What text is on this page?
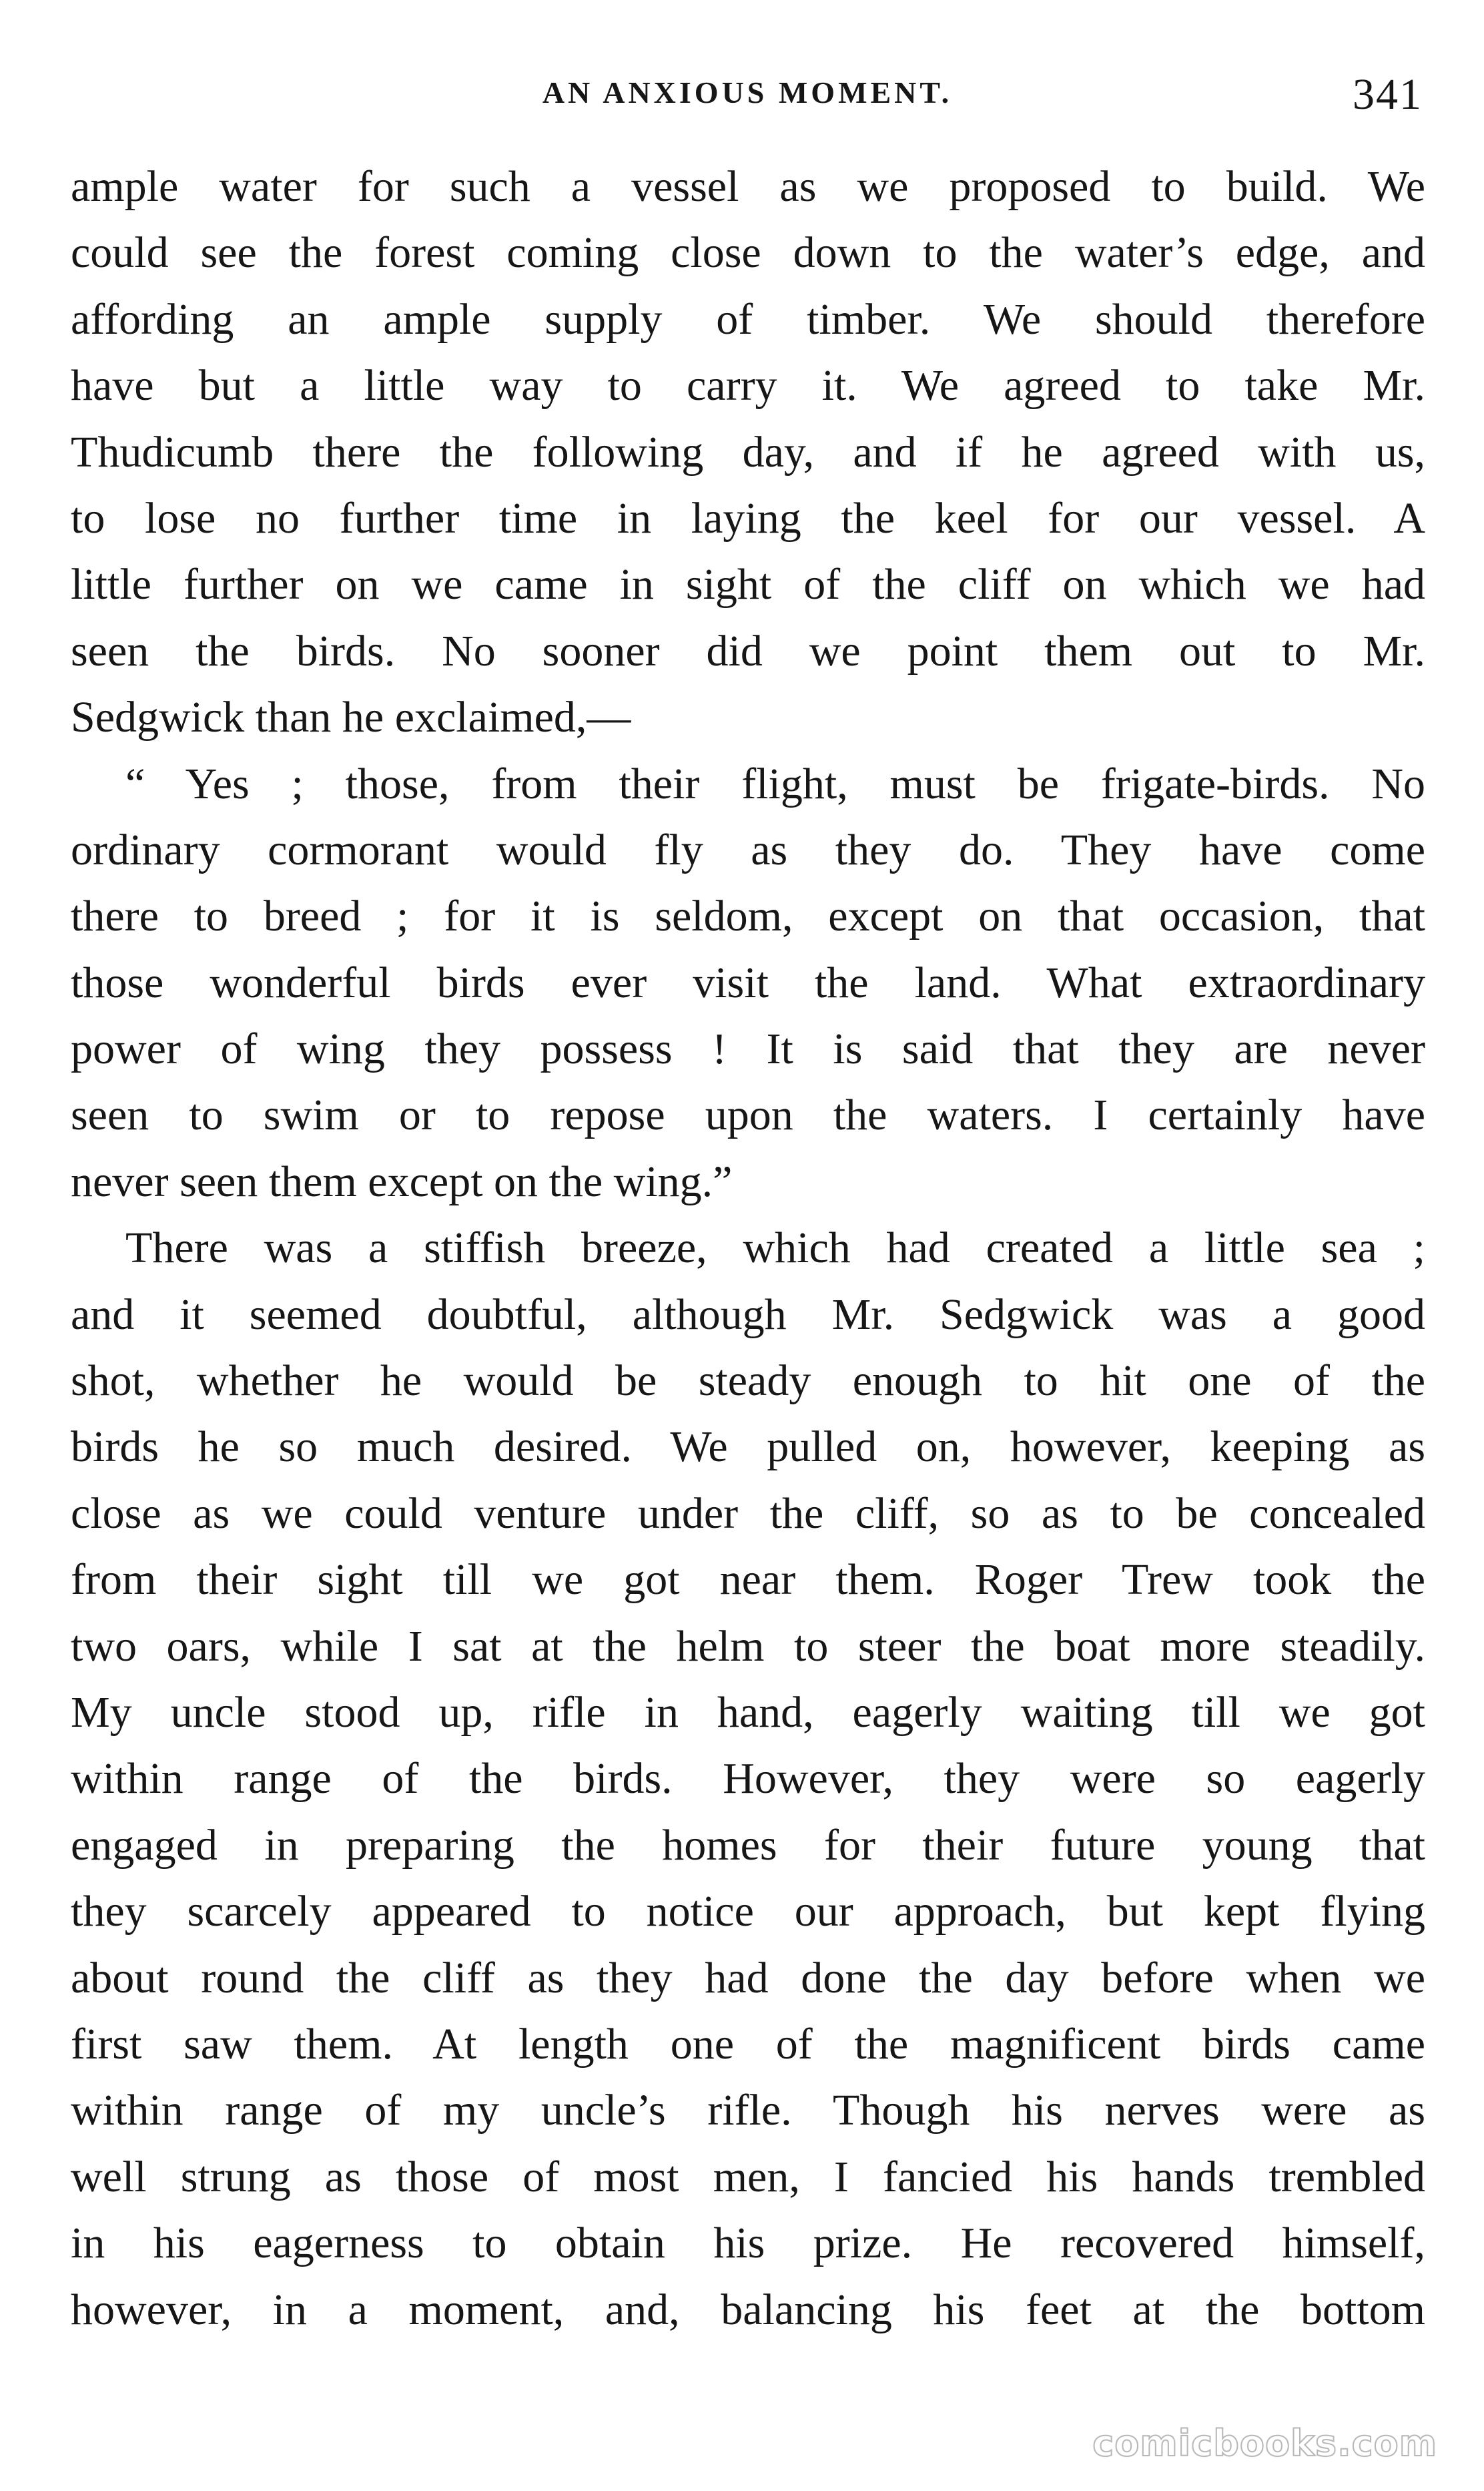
AN ANXIOUS MOMENT.	341
ample water for such a vessel as we proposed to build. We
could see the forest coming close down to the water’s edge, and
affording an ample supply of timber. We should therefore
have but a little way to carry it. We agreed to take Mr.
Thudicumb there the following day, and if he agreed with us,
to lose no further time in laying the keel for our vessel. A
little further on we came in sight of the cliff on which we had
seen the birds. No sooner did we point them out to Mr.
Sedgwick than he exclaimed,—
“ Yes ; those, from their flight, must be frigate-birds. No
ordinary cormorant would fly as they do. They have come
there to breed ; for it is seldom, except on that occasion, that
those wonderful birds ever visit the land. What extraordinary
power of wing they possess ! It is said that they are never
seen to swim or to repose upon the waters. I certainly have
never seen them except on the wing.”
There was a stiffish breeze, which had created a little sea ;
and it seemed doubtful, although Mr. Sedgwick was a good
shot, whether he would be steady enough to hit one of the
birds he so much desired. We pulled on, however, keeping as
close as we could venture under the cliff, so as to be concealed
from their sight till we got near them. Roger Trew took the
two oars, while I sat at the helm to steer the boat more steadily.
My uncle stood up, rifle in hand, eagerly waiting till we got
within range of the birds. However, they were so eagerly
engaged in preparing the homes for their future young that
they scarcely appeared to notice our approach, but kept flying
about round the cliff as they had done the day before when we
first saw them. At length one of the magnificent birds came
within range of my uncle’s rifle. Though his nerves were as
well strung as those of most men, I fancied his hands trembled
in his eagerness to obtain his prize. He recovered himself,
however, in a moment, and, balancing his feet at the bottom
comicbooks.com
